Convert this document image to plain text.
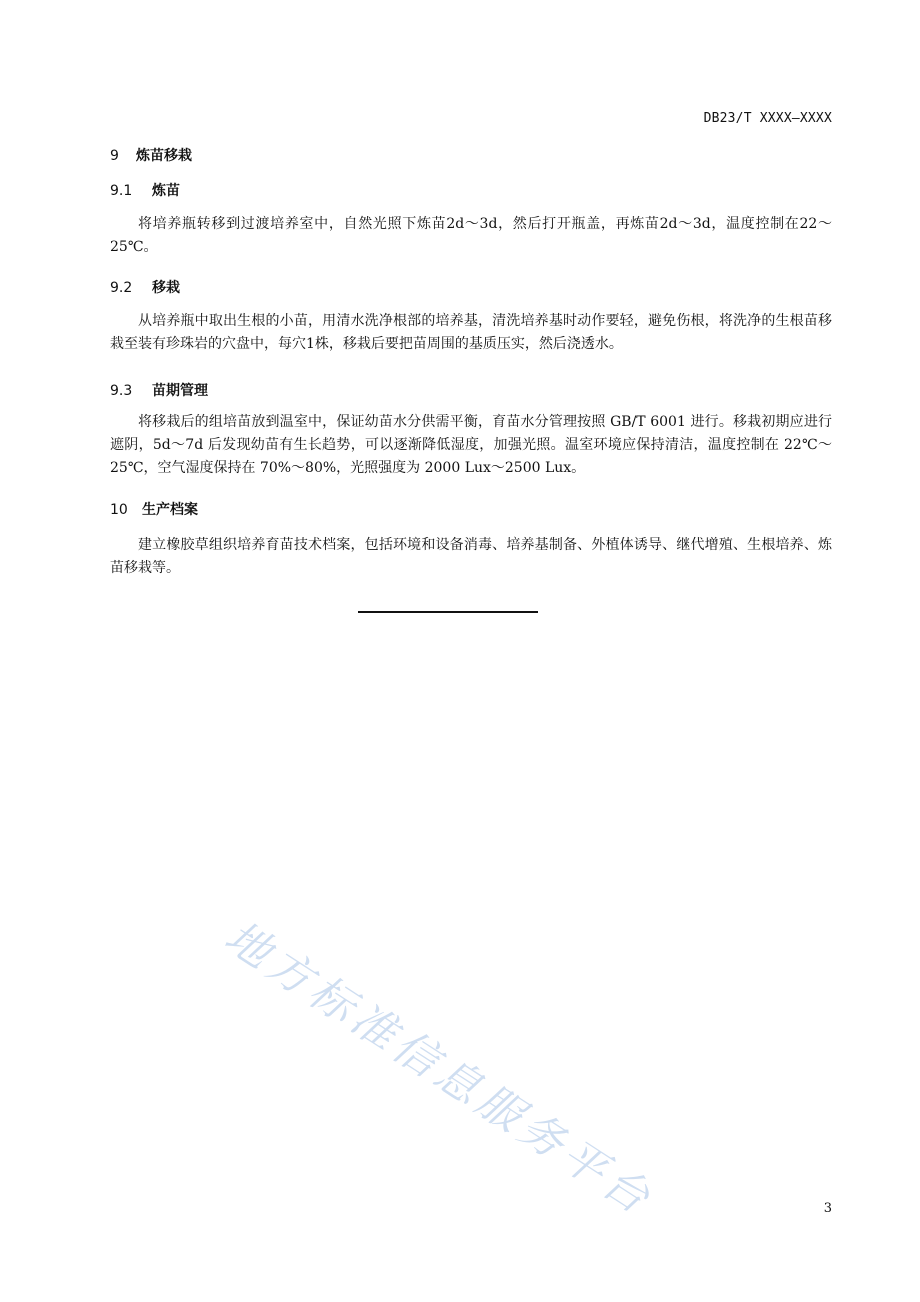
DB23/T XXXX—XXXX
9 炼苗移栽
9.1 炼苗

将培养瓶转移到过渡培养室中，自然光照下炼苗2d～3d，然后打开瓶盖，再炼苗2d～3d，温度控制在22～25℃。

9.2 移栽

从培养瓶中取出生根的小苗，用清水洗净根部的培养基，清洗培养基时动作要轻，避免伤根，将洗净的生根苗移栽至装有珍珠岩的穴盘中，每穴1株，移栽后要把苗周围的基质压实，然后浇透水。

9.3 苗期管理

将移栽后的组培苗放到温室中，保证幼苗水分供需平衡，育苗水分管理按照 GB/T 6001 进行。移栽初期应进行遮阴，5d～7d 后发现幼苗有生长趋势，可以逐渐降低湿度，加强光照。温室环境应保持清洁，温度控制在 22℃～25℃，空气湿度保持在 70%～80%，光照强度为 2000 Lux～2500 Lux。

10 生产档案

建立橡胶草组织培养育苗技术档案，包括环境和设备消毒、培养基制备、外植体诱导、继代增殖、生根培养、炼苗移栽等。

地方标准信息服务平台	3
